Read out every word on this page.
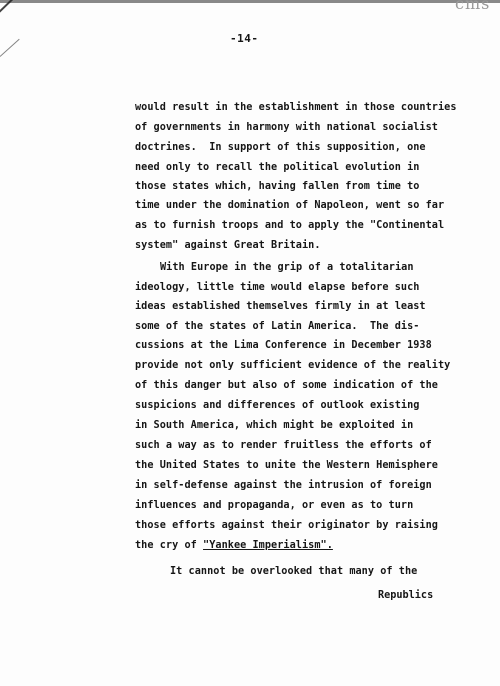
cms
-14-
would result in the establishment in those countries
of governments in harmony with national socialist
doctrines.  In support of this supposition, one
need only to recall the political evolution in
those states which, having fallen from time to
time under the domination of Napoleon, went so far
as to furnish troops and to apply the "Continental
system" against Great Britain.
With Europe in the grip of a totalitarian
ideology, little time would elapse before such
ideas established themselves firmly in at least
some of the states of Latin America.  The dis-
cussions at the Lima Conference in December 1938
provide not only sufficient evidence of the reality
of this danger but also of some indication of the
suspicions and differences of outlook existing
in South America, which might be exploited in
such a way as to render fruitless the efforts of
the United States to unite the Western Hemisphere
in self-defense against the intrusion of foreign
influences and propaganda, or even as to turn
those efforts against their originator by raising
the cry of "Yankee Imperialism".
It cannot be overlooked that many of the
Republics
